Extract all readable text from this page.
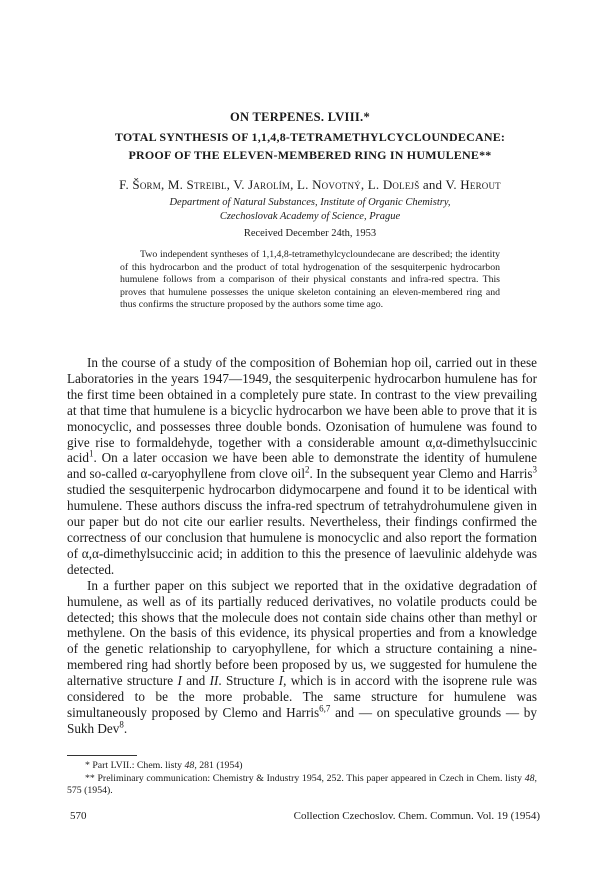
ON TERPENES. LVIII.*
TOTAL SYNTHESIS OF 1,1,4,8-TETRAMETHYLCYCLOUNDECANE:
PROOF OF THE ELEVEN-MEMBERED RING IN HUMULENE**
F. Šorm, M. Streibl, V. Jarolím, L. Novotný, L. Dolejš and V. Herout
Department of Natural Substances, Institute of Organic Chemistry,
Czechoslovak Academy of Science, Prague
Received December 24th, 1953

Two independent syntheses of 1,1,4,8-tetramethylcycloundecane are described; the identity of this hydrocarbon and the product of total hydrogenation of the sesquiterpenic hydrocarbon humulene follows from a comparison of their physical constants and infra-red spectra. This proves that humulene possesses the unique skeleton containing an eleven-membered ring and thus confirms the structure proposed by the authors some time ago.

In the course of a study of the composition of Bohemian hop oil, carried out in these Laboratories in the years 1947—1949, the sesquiterpenic hydrocarbon humulene has for the first time been obtained in a completely pure state. In contrast to the view prevailing at that time that humulene is a bicyclic hydrocarbon we have been able to prove that it is monocyclic, and possesses three double bonds. Ozonisation of humulene was found to give rise to formaldehyde, together with a considerable amount α,α-dimethylsuccinic acid$^1$. On a later occasion we have been able to demonstrate the identity of humulene and so-called α-caryophyllene from clove oil$^2$. In the subsequent year Clemo and Harris$^3$ studied the sesquiterpenic hydrocarbon didymocarpene and found it to be identical with humulene. These authors discuss the infra-red spectrum of tetrahydrohumulene given in our paper but do not cite our earlier results. Nevertheless, their findings confirmed the correctness of our conclusion that humulene is monocyclic and also report the formation of α,α-dimethylsuccinic acid; in addition to this the presence of laevulinic aldehyde was detected.

In a further paper on this subject we reported that in the oxidative degradation of humulene, as well as of its partially reduced derivatives, no volatile products could be detected; this shows that the molecule does not contain side chains other than methyl or methylene. On the basis of this evidence, its physical properties and from a knowledge of the genetic relationship to caryophyllene, for which a structure containing a nine-membered ring had shortly before been proposed by us, we suggested for humulene the alternative structure I and II. Structure I, which is in accord with the isoprene rule was considered to be the more probable. The same structure for humulene was simultaneously proposed by Clemo and Harris$^{6,7}$ and — on speculative grounds — by Sukh Dev$^8$.

* Part LVII.: Chem. listy 48, 281 (1954)

** Preliminary communication: Chemistry & Industry 1954, 252. This paper appeared in Czech in Chem. listy 48, 575 (1954).

570	Collection Czechoslov. Chem. Commun. Vol. 19 (1954)
